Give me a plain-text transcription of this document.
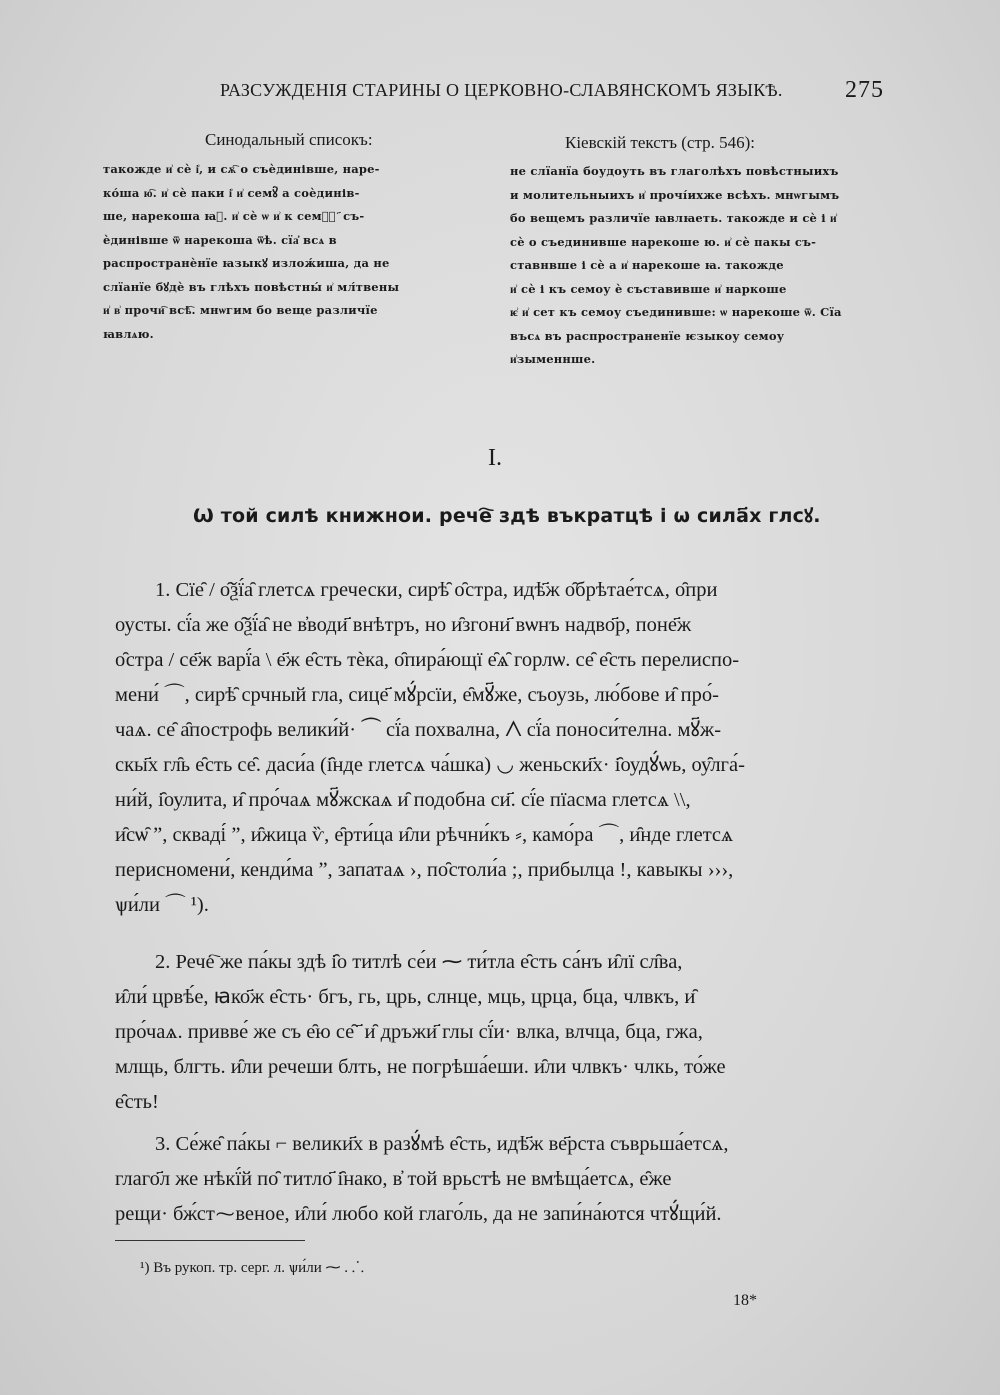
РАЗСУЖДЕНІЯ СТАРИНЫ О ЦЕРКОВНО-СЛАВЯНСКОМЪ ЯЗЫКѢ.	275
Синодальный списокъ:
такожде и͗ сѐ і͗, и сѫ҇ о съѐдинівше, наре-
ко́ша ю҇. и͗ сѐ паки і͗ и͗ семꙋ҇ а соѐдинів-
ше, нарекоша ꙗ҇. и͗ сѐ ѡ и͗ к семꙋ҇ ҃ съ-
ѐдинівше ѿ нарекоша ѿѣ. сїа҆ всѧ в
распространѐнїе ꙗзыкꙋ излож́иша, да не
слїанїе бꙋдѐ въ глѣхъ повѣстны́ и͗ мл́твены
и͗ в͗ прочи҇ всѣ҇. мнѡгим бо веще различїе
ꙗвлѧю.
Кіевскій текстъ (стр. 546):
не слїанїа боудоуть въ глаголѣхъ повѣстныихъ
и молительныихъ и͗ прочі́ихже всѣхъ. мнѡгымъ
бо вещемъ различїе ꙗвлꙗеть. такожде и сѐ і и͗
сѐ о съединивше нарекоше ю. и͗ сѐ пакы съ-
ставнвше і сѐ а и͗ нарекоше ꙗ. такожде
и͗ сѐ і къ семоу ѐ съставивше и͗ наркоше
ѥ͗ и͗ сет къ семоу съединивше: ѡ нарекоше ѿ. Сїа
въсѧ въ распространенїе ѥзыкоу семоу
и͗зыменнше.
I.
Ѡ той силѣ книжнои. рече҇ здѣ въкратцѣ і ѡ сила҃х глсꙋ.
1. Сїе̑ / о̑ѯї́а̑ глетсѧ гречески, сирѣ̑ о̑стра, идѣ҃ж о̑брѣтае́тсѧ, о̑при
оусты. сї́а же о̑ѯї́а̑ не в̓води҃ внѣтръ, но и̑згони҃ вѡнъ надво҃р, поне҃ж
о̑стра / се҃ж варї́а \ е҃ж е̑сть тѐка, о̑пира́ющї е̑ѧ̑ горлѡ. се̑ е̑сть перелиспо-
мени́ ⌒, сирѣ̑ срчный гла, сице҃ мꙋ́рсїи, е̑мꙋ҃же, съоузь, лю́бове и̑ про́-
чаѧ. се̑ а̑построфь велики́й· ⏜ сї́а похвална, ⋀ сї́а поноси́телна. мꙋ҃ж-
скы҃х гл̑ь е̑сть се̑. даси́а (і̑нде глетсѧ ча́шка) ◡ женьски҃х· і̑оудꙋ́ѡь, оу̑лга́-
ни́й, і̑оулита, и̑ про́чаѧ мꙋ҃жскаѧ и̑ подобна си҃. сї́е пїасма глетсѧ \\,
и̑сѡ̑ ˮ, скваді́ ˮ, и̑жица ѷ, е̑рти́ца и̑ли рѣчни́къ ⸗, камо́ра ⌒, и̑нде глетсѧ
перисномени́, кенди́ма ˮ, запатаѧ ›, по̑столи́а ;, прибылца !, кавыкы ›››,
ѱи́ли ⌒ ¹).
2. Рече҇ же па́кы здѣ і̑о титлѣ се́и ⁓ ти́тла е̑сть са́нъ и̑лї сл̑ва,
и̑ли́ црвѣ́е, ꙗко҃ж е̑сть· бгъ, гь, црь, слнце, мць, црца, бца, члвкъ, и̑
про́чаѧ. привве́ же съ е̑ю се̑ ҃ и̑ дръжи҃ глы сї́и· влка, влчца, бца, гжа,
млщь, блгть. и̑ли речеши блть, не погрѣша́еши. и̑ли члвкъ· члкь, то́же
е̑сть!
3. Се́же̑ па́кы ⌐ велики҃х в разꙋ́мѣ е̑сть, идѣ҃ж ве҃рста съврьша́етсѧ,
глаго҃л же нѣкї́й по̑ титло҃ і̑нако, в̓ той врьстѣ не вмѣща́етсѧ, е̑же
рещи· бж́ст⁓веное, и̑ли́ любо кой глаго́ль, да не запи́на́ются чтꙋ́щи́й.
¹) Въ рукоп. тр. серг. л. ѱи́ли ⁓ . ⸫
18*
